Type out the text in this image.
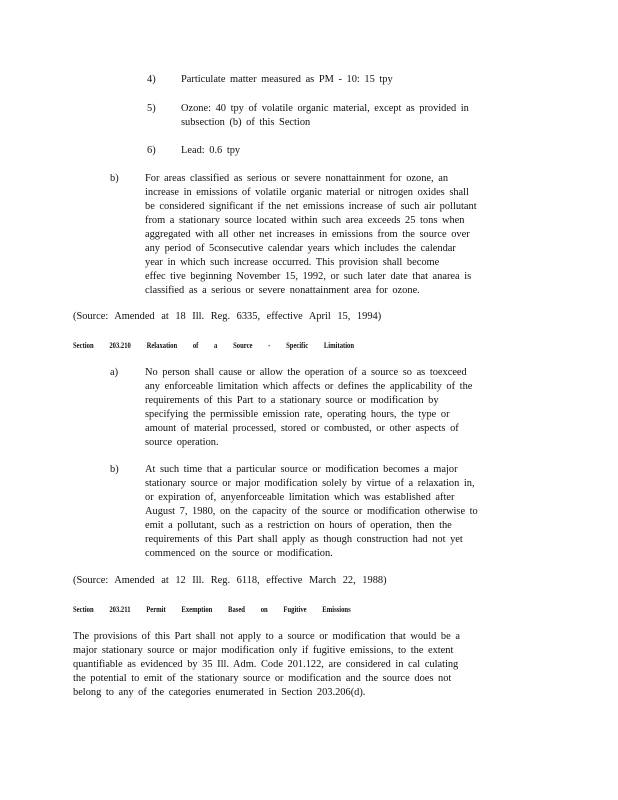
4) Particulate matter measured as PM - 10: 15 tpy
5) Ozone: 40 tpy of volatile organic material, except as provided in
subsection (b) of this Section
6) Lead: 0.6 tpy
b)	For areas classified as serious or severe nonattainment for ozone, an
increase in emissions of volatile organic material or nitrogen oxides shall
be considered significant if the net emissions increase of such air pollutant
from a stationary source located within such area exceeds 25 tons when
aggregated with all other net increases in emissions from the source over
any period of 5consecutive calendar years which includes the calendar
year in which such increase occurred. This provision shall become
effec tive beginning November 15, 1992, or such later date that anarea is
classified as a serious or severe nonattainment area for ozone.
(Source: Amended at 18 Ill. Reg. 6335, effective April 15, 1994)
Section 203.210 Relaxation of a Source - Specific Limitation
a)	No person shall cause or allow the operation of a source so as toexceed
any enforceable limitation which affects or defines the applicability of the
requirements of this Part to a stationary source or modification by
specifying the permissible emission rate, operating hours, the type or
amount of material processed, stored or combusted, or other aspects of
source operation.
b)	At such time that a particular source or modification becomes a major
stationary source or major modification solely by virtue of a relaxation in,
or expiration of, anyenforceable limitation which was established after
August 7, 1980, on the capacity of the source or modification otherwise to
emit a pollutant, such as a restriction on hours of operation, then the
requirements of this Part shall apply as though construction had not yet
commenced on the source or modification.
(Source: Amended at 12 Ill. Reg. 6118, effective March 22, 1988)
Section 203.211 Permit Exemption Based on Fugitive Emissions
The provisions of this Part shall not apply to a source or modification that would be a
major stationary source or major modification only if fugitive emissions, to the extent
quantifiable as evidenced by 35 Ill. Adm. Code 201.122, are considered in cal culating
the potential to emit of the stationary source or modification and the source does not
belong to any of the categories enumerated in Section 203.206(d).
